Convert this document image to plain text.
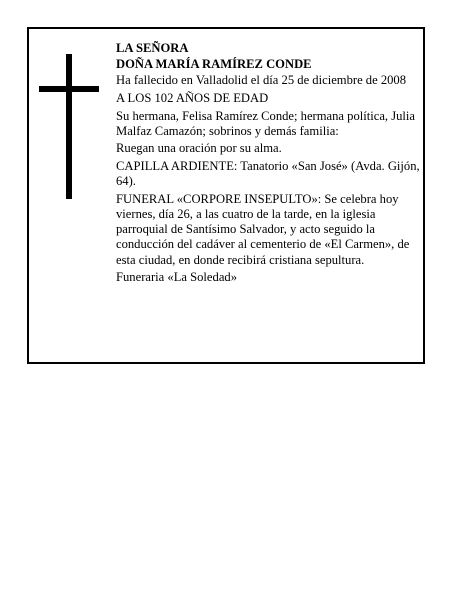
LA SEÑORA

DOÑA MARÍA RAMÍREZ CONDE

Ha fallecido en Valladolid el día 25 de diciembre de 2008

A LOS 102 AÑOS DE EDAD

Su hermana, Felisa Ramírez Conde; hermana política, Julia Malfaz Camazón; sobrinos y demás familia:

Ruegan una oración por su alma.

CAPILLA ARDIENTE: Tanatorio «San José» (Avda. Gijón, 64).

FUNERAL «CORPORE INSEPULTO»: Se celebra hoy viernes, día 26, a las cuatro de la tarde, en la iglesia parroquial de Santísimo Salvador, y acto seguido la conducción del cadáver al cementerio de «El Carmen», de esta ciudad, en donde recibirá cristiana sepultura.

Funeraria «La Soledad»
